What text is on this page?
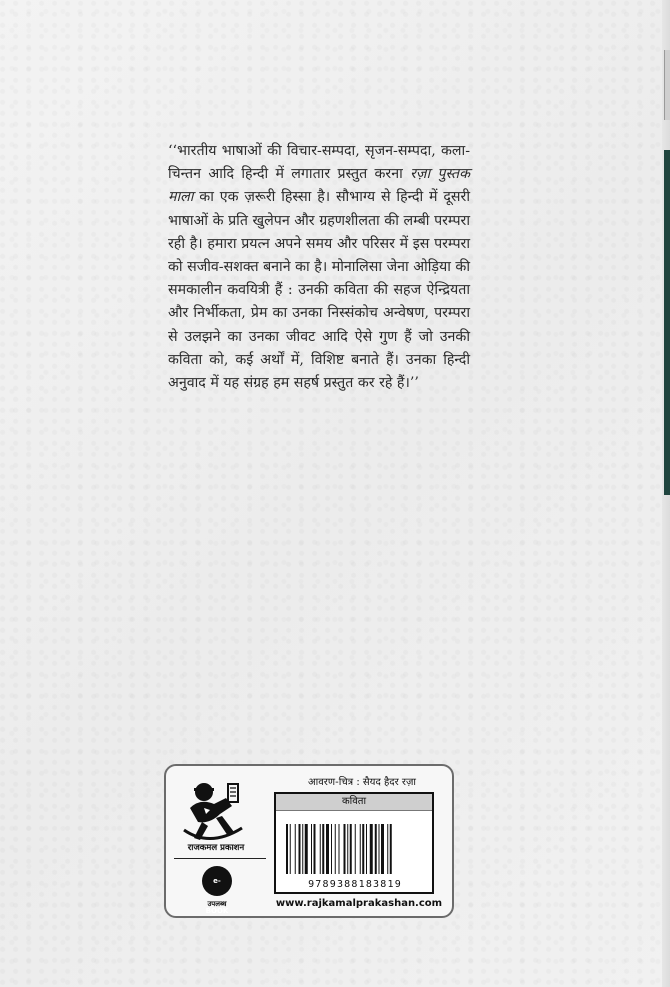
‘‘भारतीय भाषाओं की विचार-सम्पदा, सृजन-सम्पदा, कला-चिन्तन आदि हिन्दी में लगातार प्रस्तुत करना रज़ा पुस्तक माला का एक ज़रूरी हिस्सा है। सौभाग्य से हिन्दी में दूसरी भाषाओं के प्रति खुलेपन और ग्रहणशीलता की लम्बी परम्परा रही है। हमारा प्रयत्न अपने समय और परिसर में इस परम्परा को सजीव-सशक्त बनाने का है। मोनालिसा जेना ओड़िया की समकालीन कवयित्री हैं : उनकी कविता की सहज ऐन्द्रियता और निर्भीकता, प्रेम का उनका निस्संकोच अन्वेषण, परम्परा से उलझने का उनका जीवट आदि ऐसे गुण हैं जो उनकी कविता को, कई अर्थों में, विशिष्ट बनाते हैं। उनका हिन्दी अनुवाद में यह संग्रह हम सहर्ष प्रस्तुत कर रहे हैं।’’
आवरण-चित्र : सैयद हैदर रज़ा
राजकमल प्रकाशन
e-BOOK
उपलब्ध
कविता
9789388183819
www.rajkamalprakashan.com
